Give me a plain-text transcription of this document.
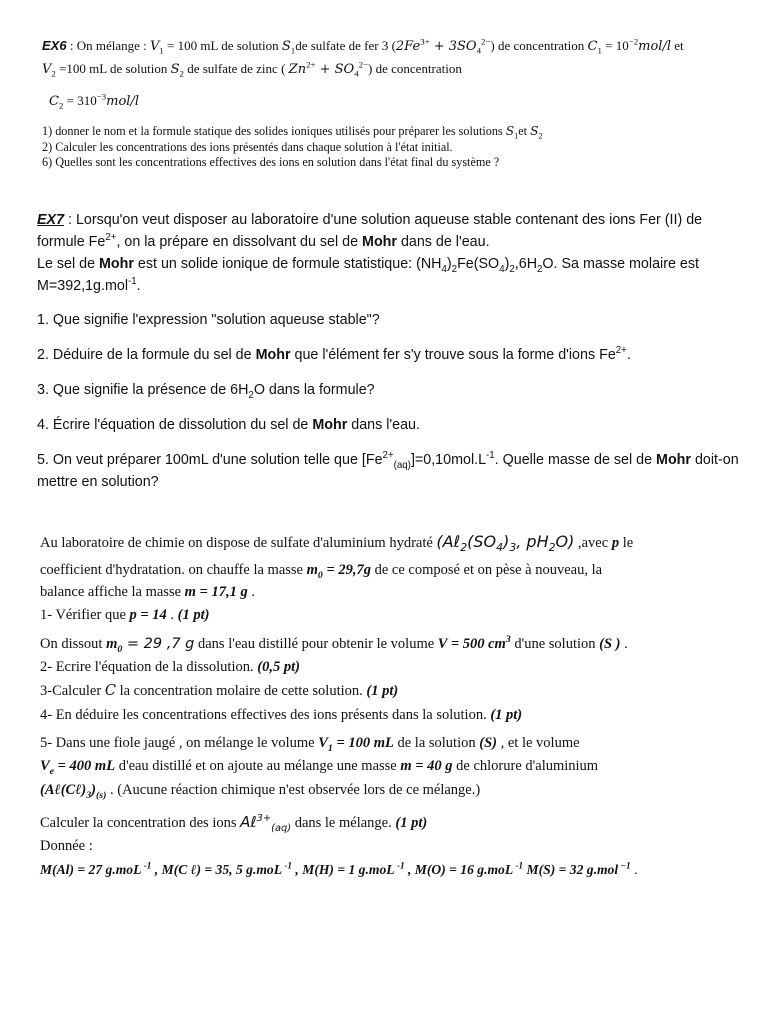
EX6 : On mélange : $V_1 = 100$ mL de solution $S_1de$ sulfate de fer 3 $(2Fe^{3+} + 3SO_4^{2-})$ de concentration $C_1 = 10^{-2}mol/l$ et
$V_2 =100$ mL de solution $S_2$ de sulfate de zinc ( $Zn^{2+} + SO_4^{2-}$) de concentration
$C_2 = 310^{-3}mol/l$
1) donner le nom et la formule statique des solides ioniques utilisés pour préparer les solutions $S_1et$ $S_2$
2) Calculer les concentrations des ions présentés dans chaque solution à l'état initial.
6) Quelles sont les concentrations effectives des ions en solution dans l'état final du système ?
EX7 : Lorsqu'on veut disposer au laboratoire d'une solution aqueuse stable contenant des ions Fer (II) de
formule $Fe^{2+}$, on la prépare en dissolvant du sel de Mohr dans de l'eau.
Le sel de Mohr est un solide ionique de formule statistique: $(NH_4)_2Fe(SO_4)_2,6H_2O$. Sa masse molaire est
M=392,1g.mol$^{-1}$.
1. Que signifie l'expression "solution aqueuse stable"?
2. Déduire de la formule du sel de Mohr que l'élément fer s'y trouve sous la forme d'ions $Fe^{2+}$.
3. Que signifie la présence de $6H_2O$ dans la formule?
4. Écrire l'équation de dissolution du sel de Mohr dans l'eau.
5. On veut préparer 100mL d'une solution telle que $[Fe^{2+}_{(aq)}]=0,10mol.L^{-1}$. Quelle masse de sel de Mohr doit-on
mettre en solution?
Au laboratoire de chimie on dispose de sulfate d'aluminium hydraté ($A\ell_2(SO_4)_3$, $pH_2O$) ,avec p le
coefficient d'hydratation. on chauffe la masse $m_0 = 29,7g$ de ce composé et on pèse à nouveau, la
balance affiche la masse m = 17,1 g .
1- Vérifier que p = 14 . (1 pt)
On dissout $m_0 = 29$ ,7 g dans l'eau distillé pour obtenir le volume V = 500 $cm^3$ d'une solution (S ) .
2- Ecrire l'équation de la dissolution. (0,5 pt)
3-Calculer C la concentration molaire de cette solution. (1 pt)
4- En déduire les concentrations effectives des ions présents dans la solution. (1 pt)
5- Dans une fiole jaugé , on mélange le volume $V_1 = 100$ mL de la solution (S) , et le volume
$V_e = 400$ mL d'eau distillé et on ajoute au mélange une masse m = 40 g de chlorure d'aluminium
$(A\ell(C\ell)_3)_{(s)}$ . (Aucune réaction chimique n'est observée lors de ce mélange.)
Calculer la concentration des ions Aℓ$^{3+}_{(aq)}$ dans le mélange. (1 pt)
Donnée :
M(Al) = 27 g.moL $^{-1}$ , M(C ℓ) = 35, 5 g.moL $^{-1}$ , M(H) = 1 g.moL $^{-1}$ , M(O) = 16 g.moL $^{-1}$ M(S) = 32 g.mol $^{-1}$ .
